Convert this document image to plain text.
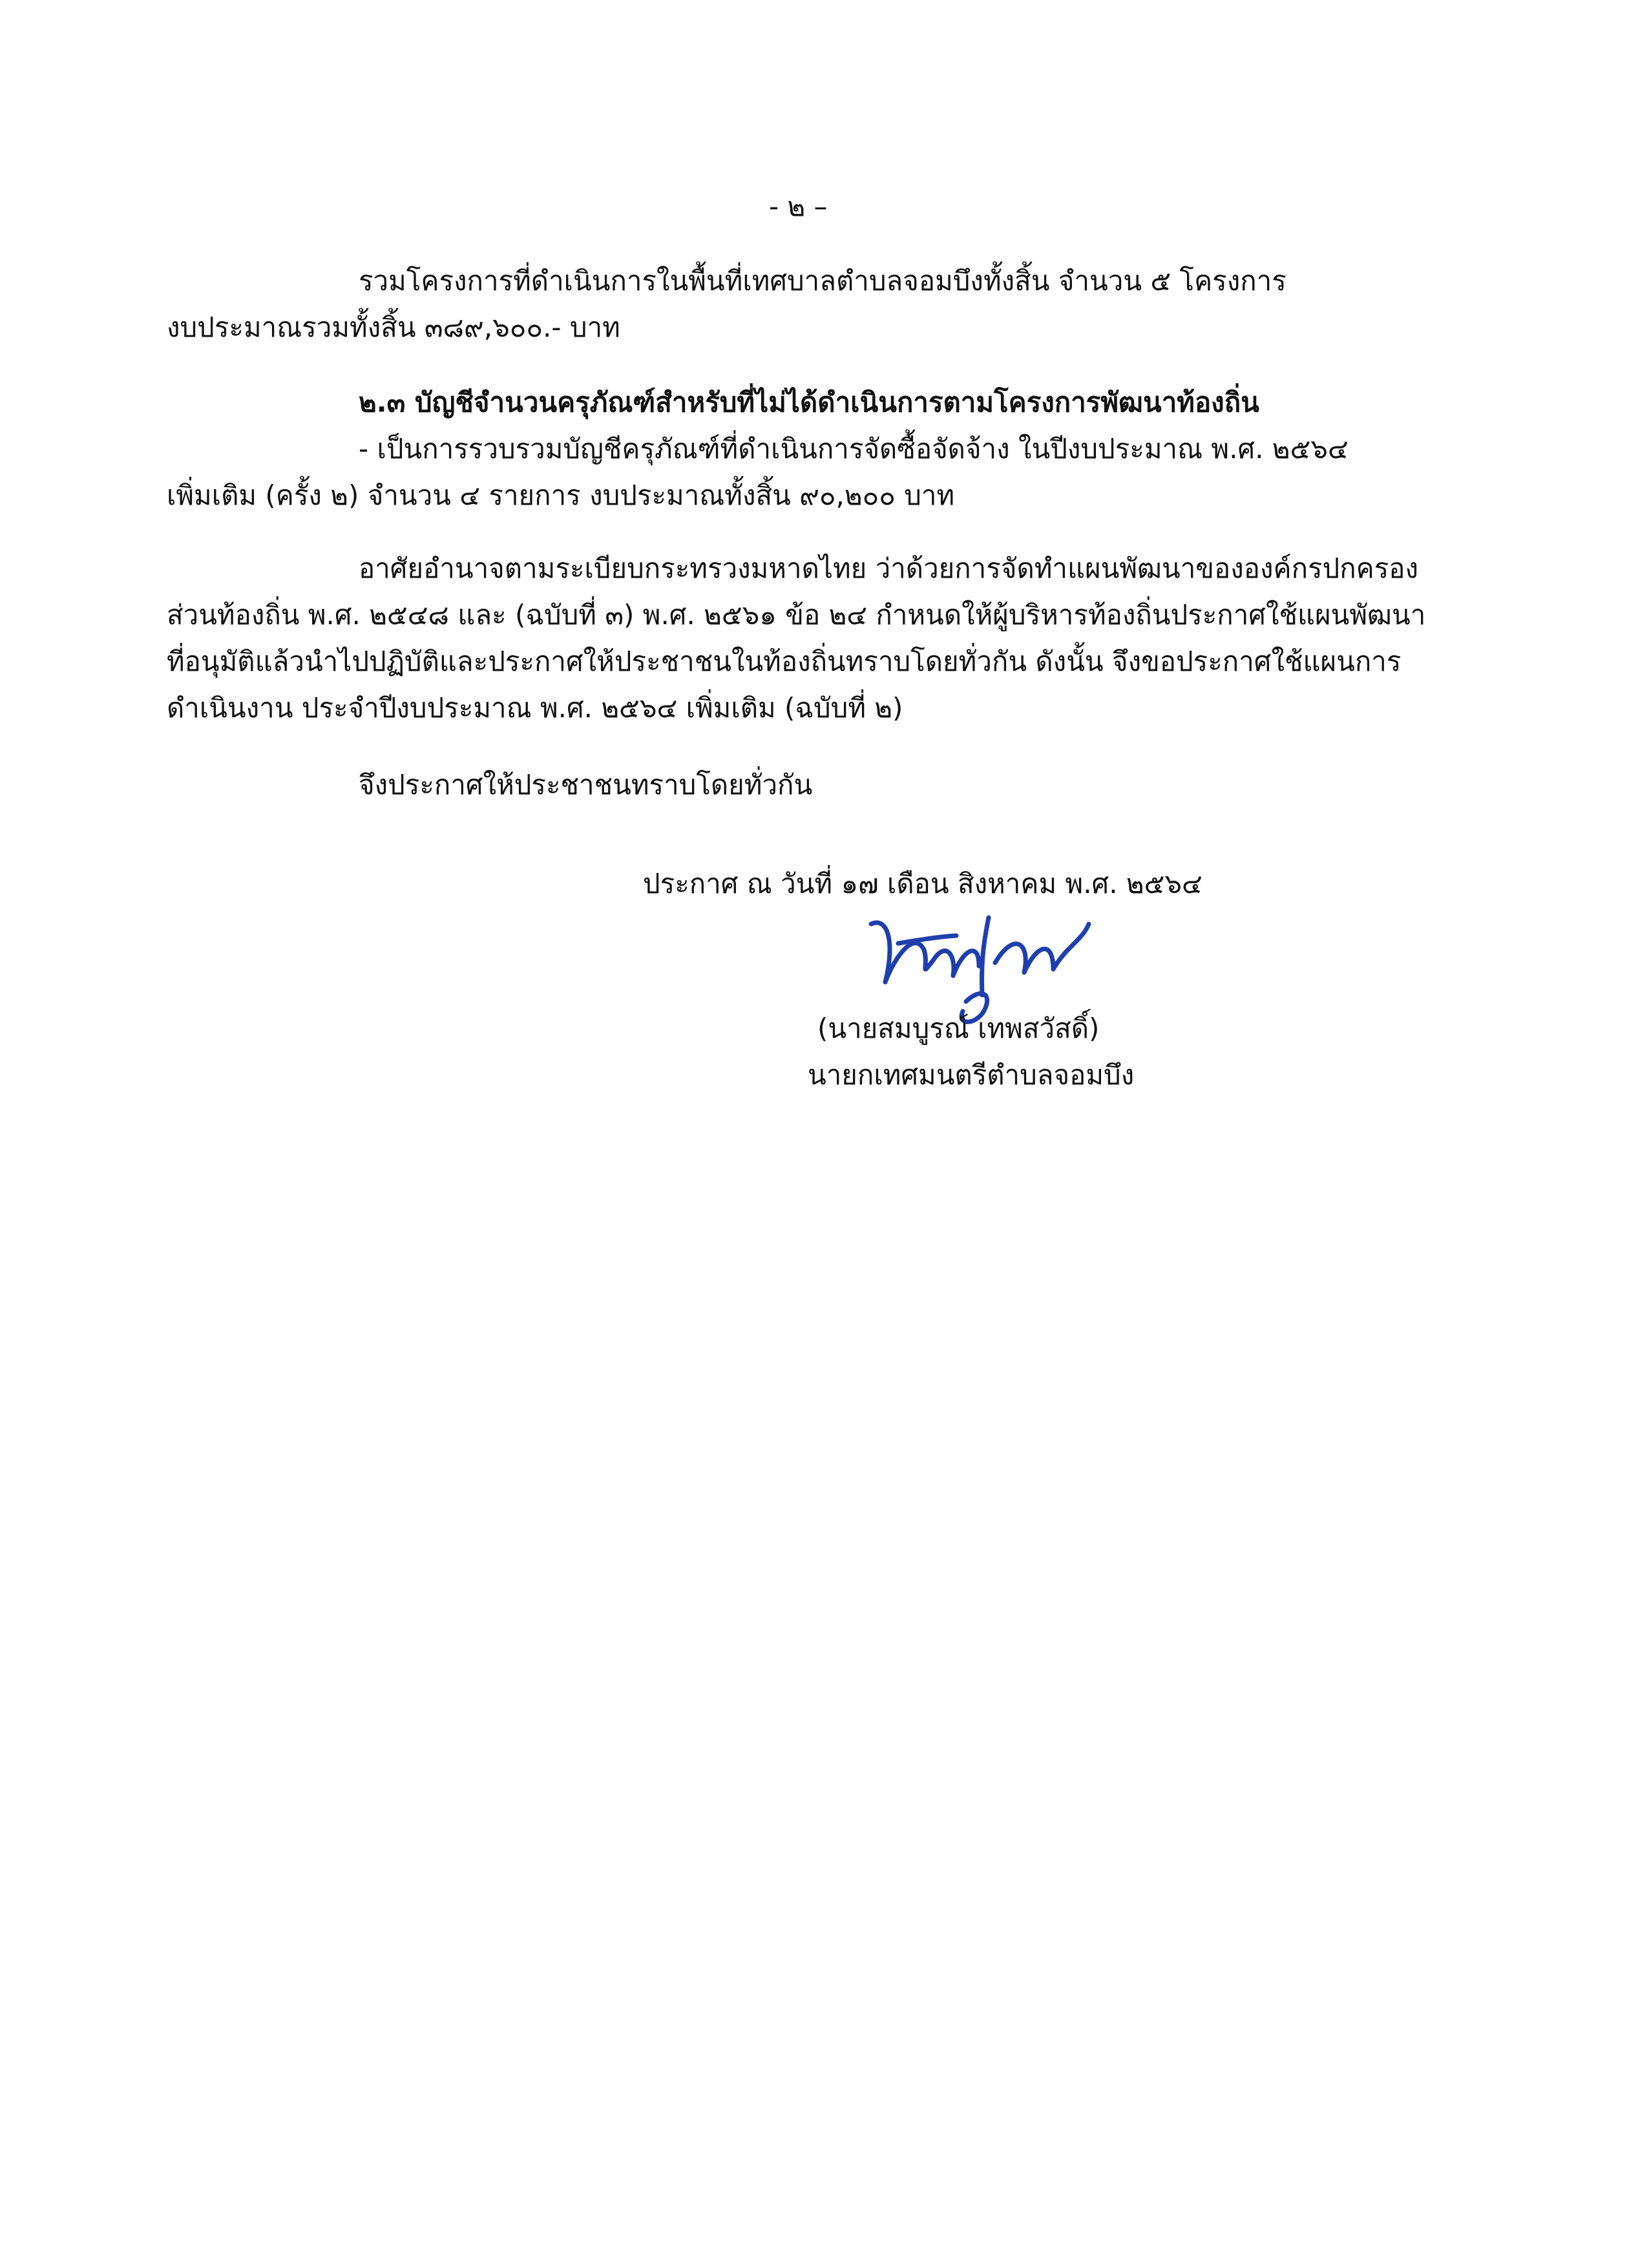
- ๒ –
รวมโครงการที่ดำเนินการในพื้นที่เทศบาลตำบลจอมบึงทั้งสิ้น จำนวน ๕ โครงการ
งบประมาณรวมทั้งสิ้น ๓๘๙,๖๐๐.- บาท
๒.๓ บัญชีจำนวนครุภัณฑ์สำหรับที่ไม่ได้ดำเนินการตามโครงการพัฒนาท้องถิ่น
- เป็นการรวบรวมบัญชีครุภัณฑ์ที่ดำเนินการจัดซื้อจัดจ้าง ในปีงบประมาณ พ.ศ. ๒๕๖๔
เพิ่มเติม (ครั้ง ๒) จำนวน ๔ รายการ งบประมาณทั้งสิ้น ๙๐,๒๐๐ บาท
อาศัยอำนาจตามระเบียบกระทรวงมหาดไทย ว่าด้วยการจัดทำแผนพัฒนาขององค์กรปกครอง
ส่วนท้องถิ่น พ.ศ. ๒๕๔๘ และ (ฉบับที่ ๓) พ.ศ. ๒๕๖๑ ข้อ ๒๔ กำหนดให้ผู้บริหารท้องถิ่นประกาศใช้แผนพัฒนา
ที่อนุมัติแล้วนำไปปฏิบัติและประกาศให้ประชาชนในท้องถิ่นทราบโดยทั่วกัน ดังนั้น จึงขอประกาศใช้แผนการ
ดำเนินงาน ประจำปีงบประมาณ พ.ศ. ๒๕๖๔ เพิ่มเติม (ฉบับที่ ๒)
จึงประกาศให้ประชาชนทราบโดยทั่วกัน
ประกาศ ณ วันที่ ๑๗ เดือน สิงหาคม พ.ศ. ๒๕๖๔
(นายสมบูรณ์ เทพสวัสดิ์)
นายกเทศมนตรีตำบลจอมบึง
